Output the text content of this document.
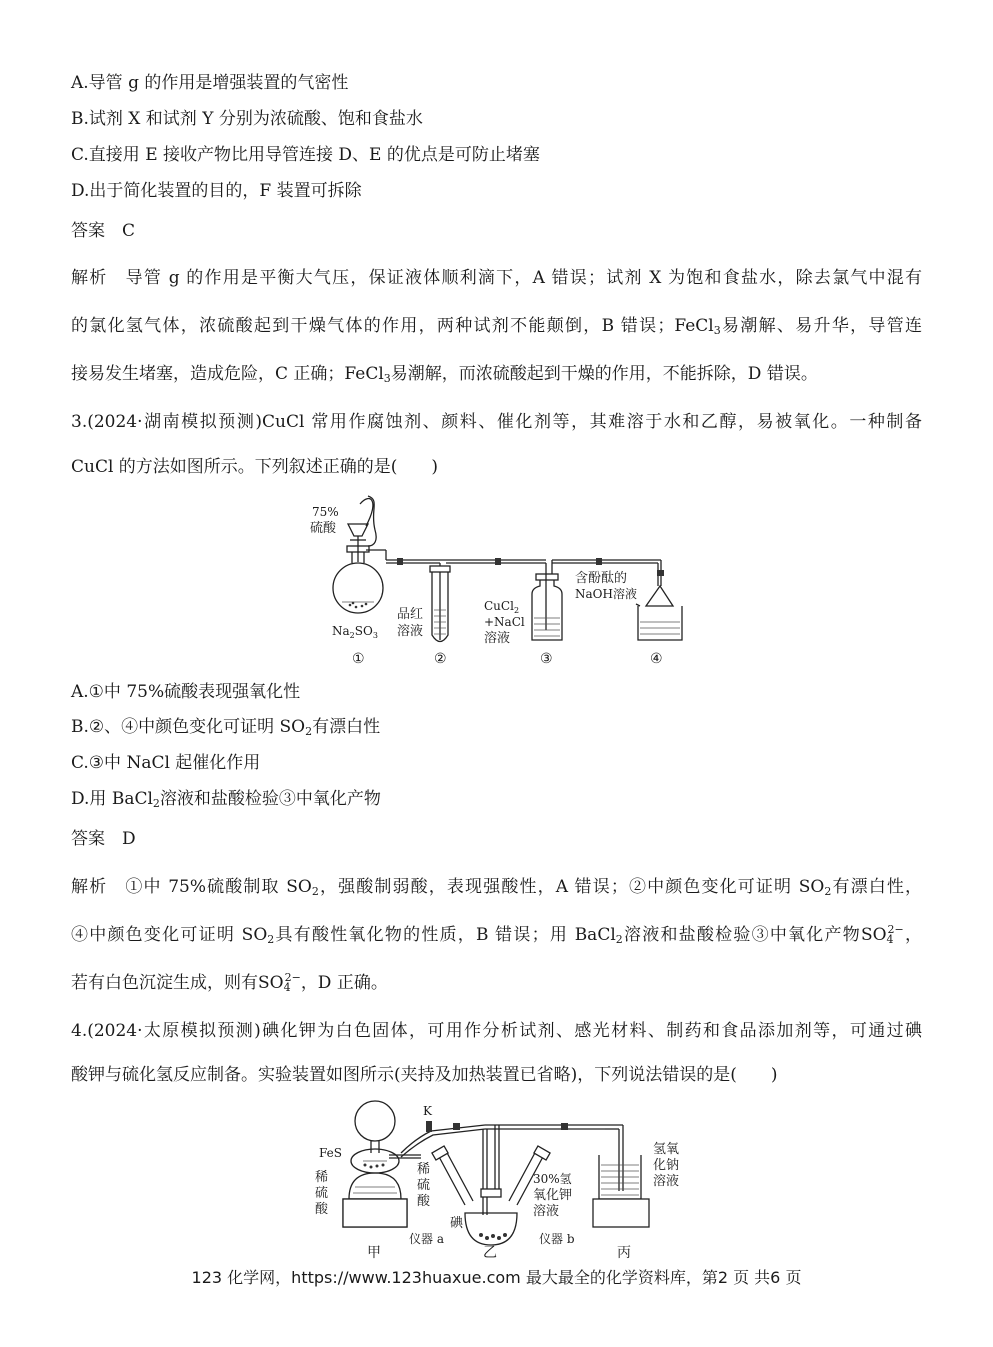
A.导管 g 的作用是增强装置的气密性
B.试剂 X 和试剂 Y 分别为浓硫酸、饱和食盐水
C.直接用 E 接收产物比用导管连接 D、E 的优点是可防止堵塞
D.出于简化装置的目的，F 装置可拆除
答案　C
解析　导管 g 的作用是平衡大气压，保证液体顺利滴下，A 错误；试剂 X 为饱和食盐水，除去氯气中混有
的氯化氢气体，浓硫酸起到干燥气体的作用，两种试剂不能颠倒，B 错误；FeCl$_3$易潮解、易升华，导管连
接易发生堵塞，造成危险，C 正确；FeCl$_3$易潮解，而浓硫酸起到干燥的作用，不能拆除，D 错误。
3.(2024·湖南模拟预测)CuCl 常用作腐蚀剂、颜料、催化剂等，其难溶于水和乙醇，易被氧化。一种制备
CuCl 的方法如图所示。下列叙述正确的是(　　)
75%
硫酸
$Na_2SO_3$
品红
溶液
CuCl$_2$
+NaCl
溶液
含酚酞的
NaOH溶液
①	②	③	④
A.①中 75%硫酸表现强氧化性
B.②、④中颜色变化可证明 $SO_2$有漂白性
C.③中 NaCl 起催化作用
D.用 BaCl$_2$溶液和盐酸检验③中氧化产物
答案　D
解析　①中 75%硫酸制取 $SO_2$，强酸制弱酸，表现强酸性，A 错误；②中颜色变化可证明 $SO_2$有漂白性，
④中颜色变化可证明 $SO_2$具有酸性氧化物的性质，B 错误；用 BaCl$_2$溶液和盐酸检验③中氧化产物$SO_4^{2-}$，
若有白色沉淀生成，则有$SO_4^{2-}$，D 正确。
4.(2024·太原模拟预测)碘化钾为白色固体，可用作分析试剂、感光材料、制药和食品添加剂等，可通过碘
酸钾与硫化氢反应制备。实验装置如图所示(夹持及加热装置已省略)，下列说法错误的是(　　)
K
FeS
稀
硫
酸
稀
硫
酸
30%氢
氧化钾
溶液
碘
仪器 a	仪器 b
氢氧
化钠
溶液
甲	乙	丙
123 化学网，https://www.123huaxue.com 最大最全的化学资料库，第2 页 共6 页
